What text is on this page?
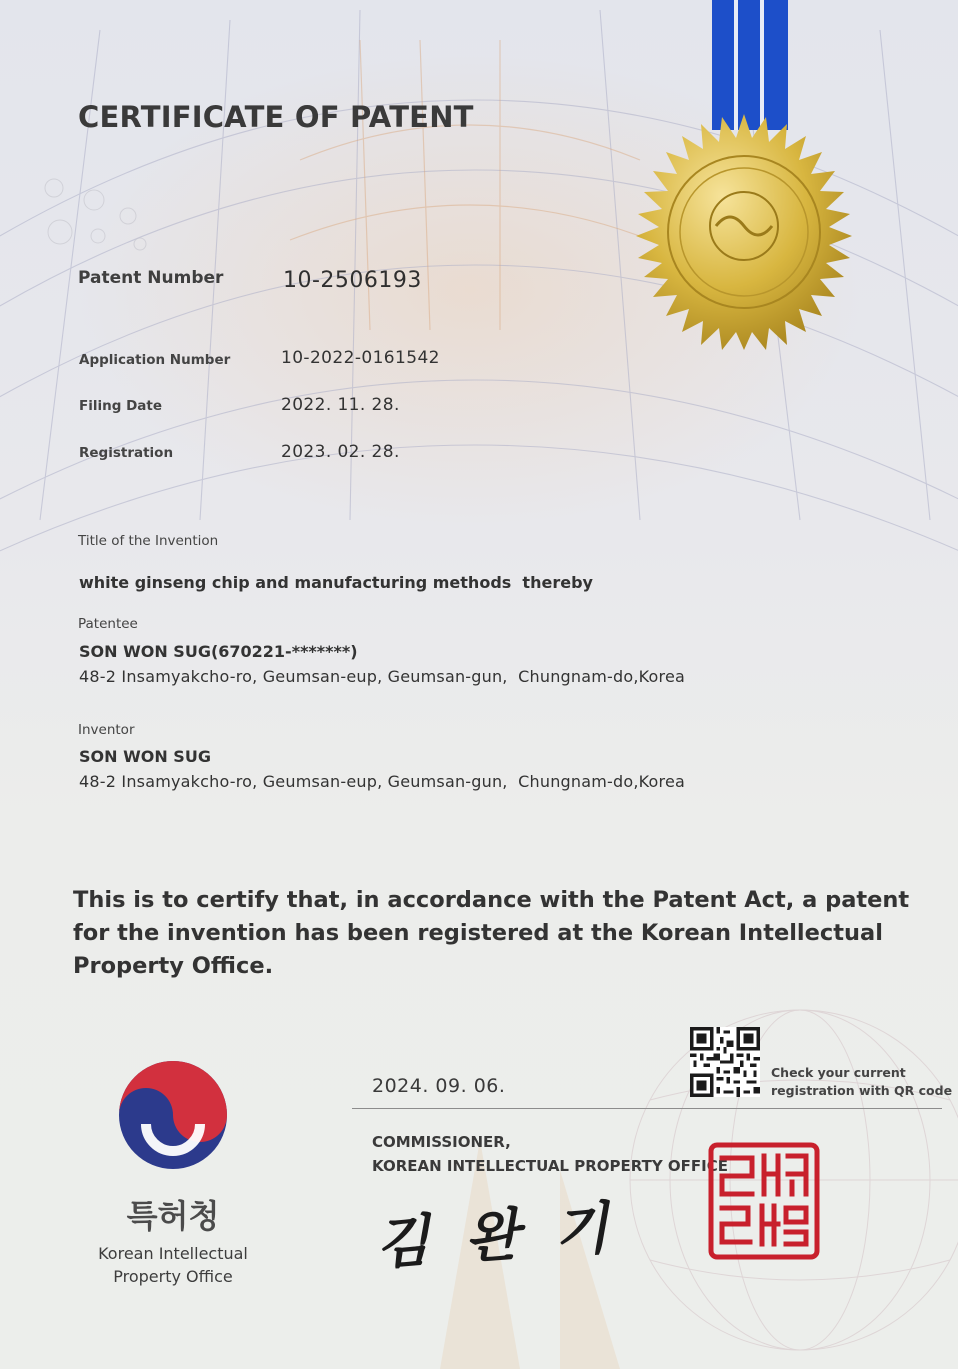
CERTIFICATE OF PATENT
Patent Number	10-2506193
Application Number	10-2022-0161542
Filing Date	2022. 11. 28.
Registration	2023. 02. 28.
Title of the Invention
white ginseng chip and manufacturing methods  thereby
Patentee
SON WON SUG(670221-*******)
48-2 Insamyakcho-ro, Geumsan-eup, Geumsan-gun,  Chungnam-do,Korea
Inventor
SON WON SUG
48-2 Insamyakcho-ro, Geumsan-eup, Geumsan-gun,  Chungnam-do,Korea

This is to certify that, in accordance with the Patent Act, a patent for the invention has been registered at the Korean Intellectual Property Office.

Check your current
registration with QR code
2024. 09. 06.
COMMISSIONER,
KOREAN INTELLECTUAL PROPERTY OFFICE
김 완 기
특허청

Korean Intellectual Property Office
